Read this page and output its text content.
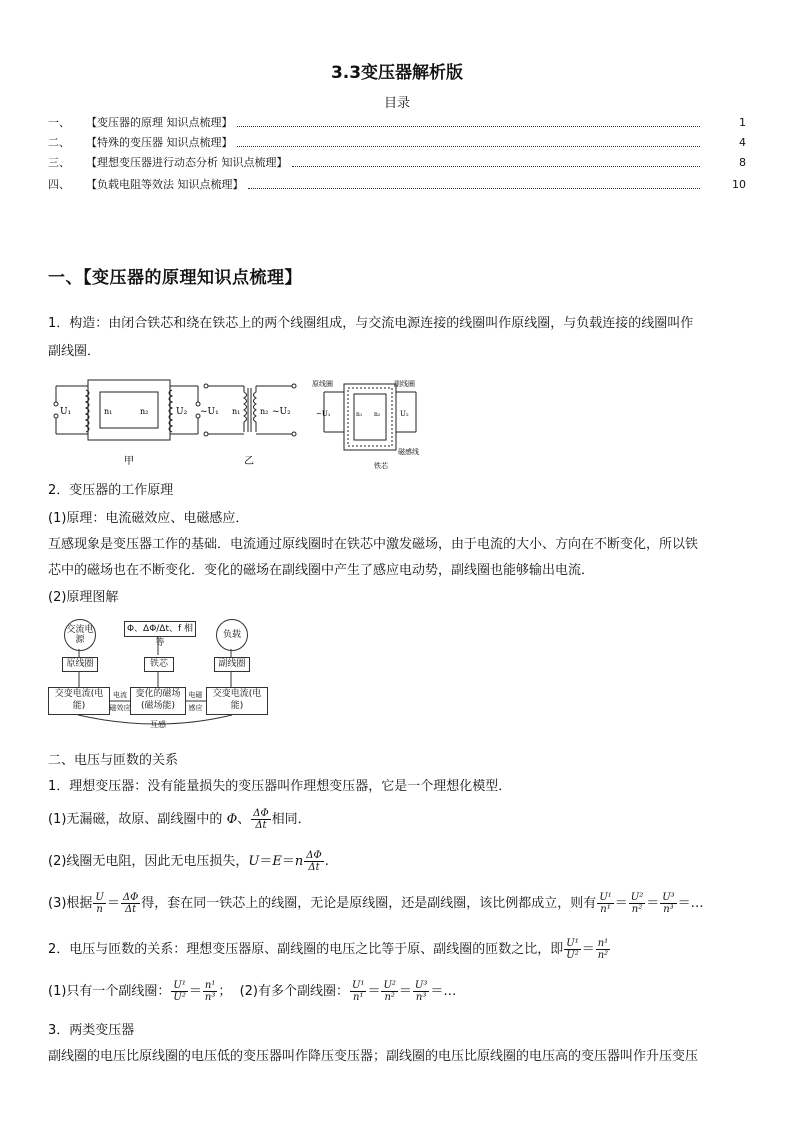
3.3变压器解析版
目录
一、	【变压器的原理 知识点梳理】	1
二、	【特殊的变压器 知识点梳理】	4
三、	【理想变压器进行动态分析 知识点梳理】	8
四、	【负载电阻等效法 知识点梳理】	10
一、【变压器的原理知识点梳理】
1．构造：由闭合铁芯和绕在铁芯上的两个线圈组成，与交流电源连接的线圈叫作原线圈，与负载连接的线圈叫作
副线圈．
U₁	U₂
n₁	n₂
甲
~U₁ n₁ n₂ ~U₂
乙
原线圈	副线圈
~U₁	U₂
n₁ n₂
磁感线
铁芯
2．变压器的工作原理
(1)原理：电流磁效应、电磁感应．
互感现象是变压器工作的基础．电流通过原线圈时在铁芯中激发磁场，由于电流的大小、方向在不断变化，所以铁
芯中的磁场也在不断变化．变化的磁场在副线圈中产生了感应电动势，副线圈也能够输出电流．
(2)原理图解
交流电源
Φ、ΔΦ/Δt、f 相等
负载
原线圈	铁芯	副线圈
交变电流(电能)
变化的磁场(磁场能)
交变电流(电能)
电流
磁效应
电磁
感应
互感
二、电压与匝数的关系
1．理想变压器：没有能量损失的变压器叫作理想变压器，它是一个理想化模型．
(1)无漏磁，故原、副线圈中的 Φ、 $\frac{\Delta\Phi}{\Delta t}$ 相同．
(2)线圈无电阻，因此无电压损失，$U=E=n \frac{\Delta\Phi}{\Delta t}$ .
(3)根据 $\frac{U}{n} = \frac{\Delta\Phi}{\Delta t}$ 得，套在同一铁芯上的线圈，无论是原线圈，还是副线圈，该比例都成立，则有 $\frac{\text{U¹}}{\text{n¹}} = \frac{\text{U²}}{\text{n²}} = \frac{\text{U³}}{\text{n³}}$ ＝…
2．电压与匝数的关系：理想变压器原、副线圈的电压之比等于原、副线圈的匝数之比，即 $\frac{\text{U¹}}{\text{U²}} = \frac{\text{n¹}}{\text{n²}}$
(1)只有一个副线圈： $\frac{\text{U¹}}{\text{U²}} = \frac{\text{n¹}}{\text{n³}}$ ；  (2)有多个副线圈： $\frac{\text{U¹}}{\text{n¹}} = \frac{\text{U²}}{\text{n²}} = \frac{\text{U³}}{\text{n³}}$ ＝…
3．两类变压器
副线圈的电压比原线圈的电压低的变压器叫作降压变压器；副线圈的电压比原线圈的电压高的变压器叫作升压变压
